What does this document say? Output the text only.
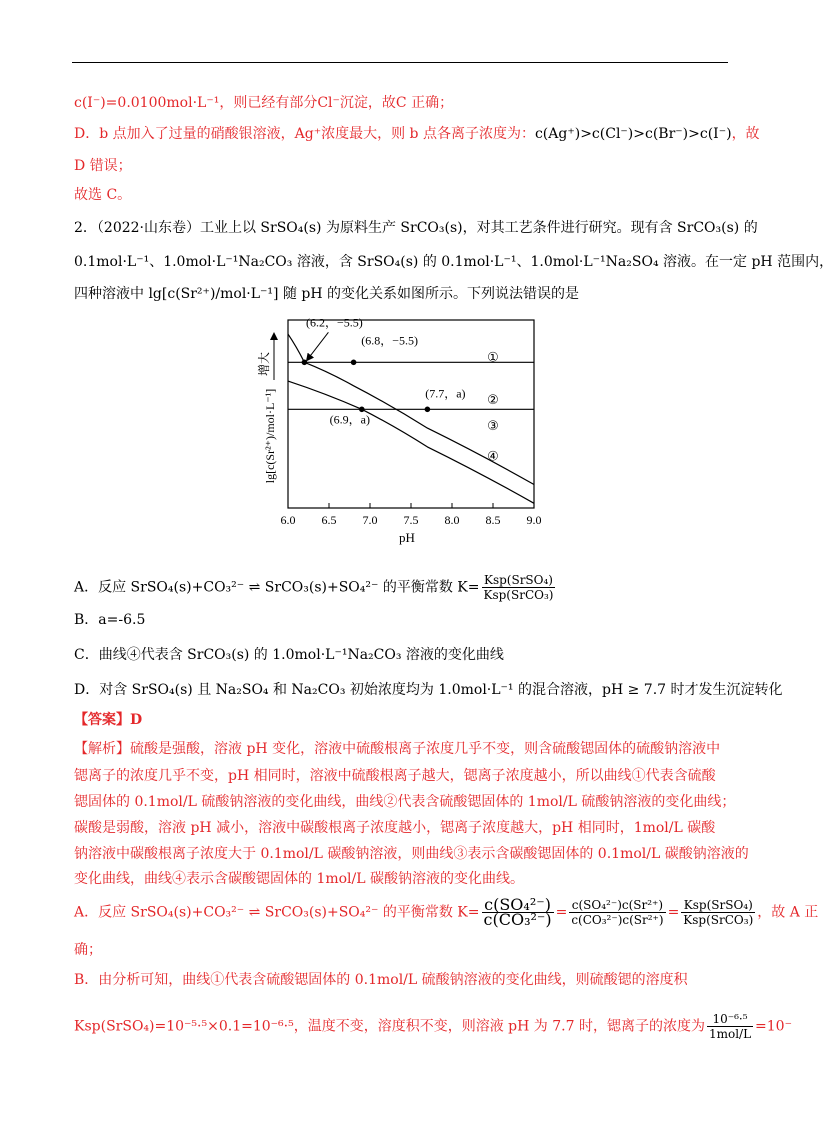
c(I⁻)=0.0100mol·L⁻¹，则已经有部分Cl⁻沉淀，故C 正确；
D．b 点加入了过量的硝酸银溶液，Ag⁺浓度最大，则 b 点各离子浓度为：c(Ag⁺)>c(Cl⁻)>c(Br⁻)>c(I⁻)，故
D 错误；
故选 C。
2．（2022·山东卷）工业上以 SrSO₄(s) 为原料生产 SrCO₃(s)，对其工艺条件进行研究。现有含 SrCO₃(s) 的
0.1mol·L⁻¹、1.0mol·L⁻¹Na₂CO₃ 溶液，含 SrSO₄(s) 的 0.1mol·L⁻¹、1.0mol·L⁻¹Na₂SO₄ 溶液。在一定 pH 范围内，
四种溶液中 lg[c(Sr²⁺)/mol·L⁻¹] 随 pH 的变化关系如图所示。下列说法错误的是
6.0 6.5 7.0 7.5 8.0 8.5 9.0
pH
lg[c(Sr²⁺)/mol·L⁻¹]
增大	①
②
③
④
(6.2，−5.5)
(6.8，−5.5)
(7.7，a)
(6.9，a)
A．反应 SrSO₄(s)+CO₃²⁻ ⇌ SrCO₃(s)+SO₄²⁻ 的平衡常数 $K= \frac{\text{Ksp(SrSO₄)}}{\text{Ksp(SrCO₃)}}$
B．a=-6.5
C．曲线④代表含 SrCO₃(s) 的 1.0mol·L⁻¹Na₂CO₃ 溶液的变化曲线
D．对含 SrSO₄(s) 且 Na₂SO₄ 和 Na₂CO₃ 初始浓度均为 1.0mol·L⁻¹ 的混合溶液，pH ≥ 7.7 时才发生沉淀转化
【答案】D
【解析】硫酸是强酸，溶液 pH 变化，溶液中硫酸根离子浓度几乎不变，则含硫酸锶固体的硫酸钠溶液中
锶离子的浓度几乎不变，pH 相同时，溶液中硫酸根离子越大，锶离子浓度越小，所以曲线①代表含硫酸
锶固体的 0.1mol/L 硫酸钠溶液的变化曲线，曲线②代表含硫酸锶固体的 1mol/L 硫酸钠溶液的变化曲线；
碳酸是弱酸，溶液 pH 减小，溶液中碳酸根离子浓度越小，锶离子浓度越大，pH 相同时，1mol/L 碳酸
钠溶液中碳酸根离子浓度大于 0.1mol/L 碳酸钠溶液，则曲线③表示含碳酸锶固体的 0.1mol/L 碳酸钠溶液的
变化曲线，曲线④表示含碳酸锶固体的 1mol/L 碳酸钠溶液的变化曲线。
A．反应 SrSO₄(s)+CO₃²⁻ ⇌ SrCO₃(s)+SO₄²⁻ 的平衡常数 $K= \frac{\text{c(SO₄²⁻)}}{\text{c(CO₃²⁻)}} = \frac{\text{c(SO₄²⁻)c(Sr²⁺)}}{\text{c(CO₃²⁻)c(Sr²⁺)}} = \frac{\text{Ksp(SrSO₄)}}{\text{Ksp(SrCO₃)}}$ ，故 A 正
确；
B．由分析可知，曲线①代表含硫酸锶固体的 0.1mol/L 硫酸钠溶液的变化曲线，则硫酸锶的溶度积
Ksp(SrSO₄)=10⁻⁵·⁵×0.1=10⁻⁶·⁵，温度不变，溶度积不变，则溶液 pH 为 7.7 时，锶离子的浓度为 $\frac{\text{10⁻⁶·⁵}}{\text{1mol/L}} =10^-$
